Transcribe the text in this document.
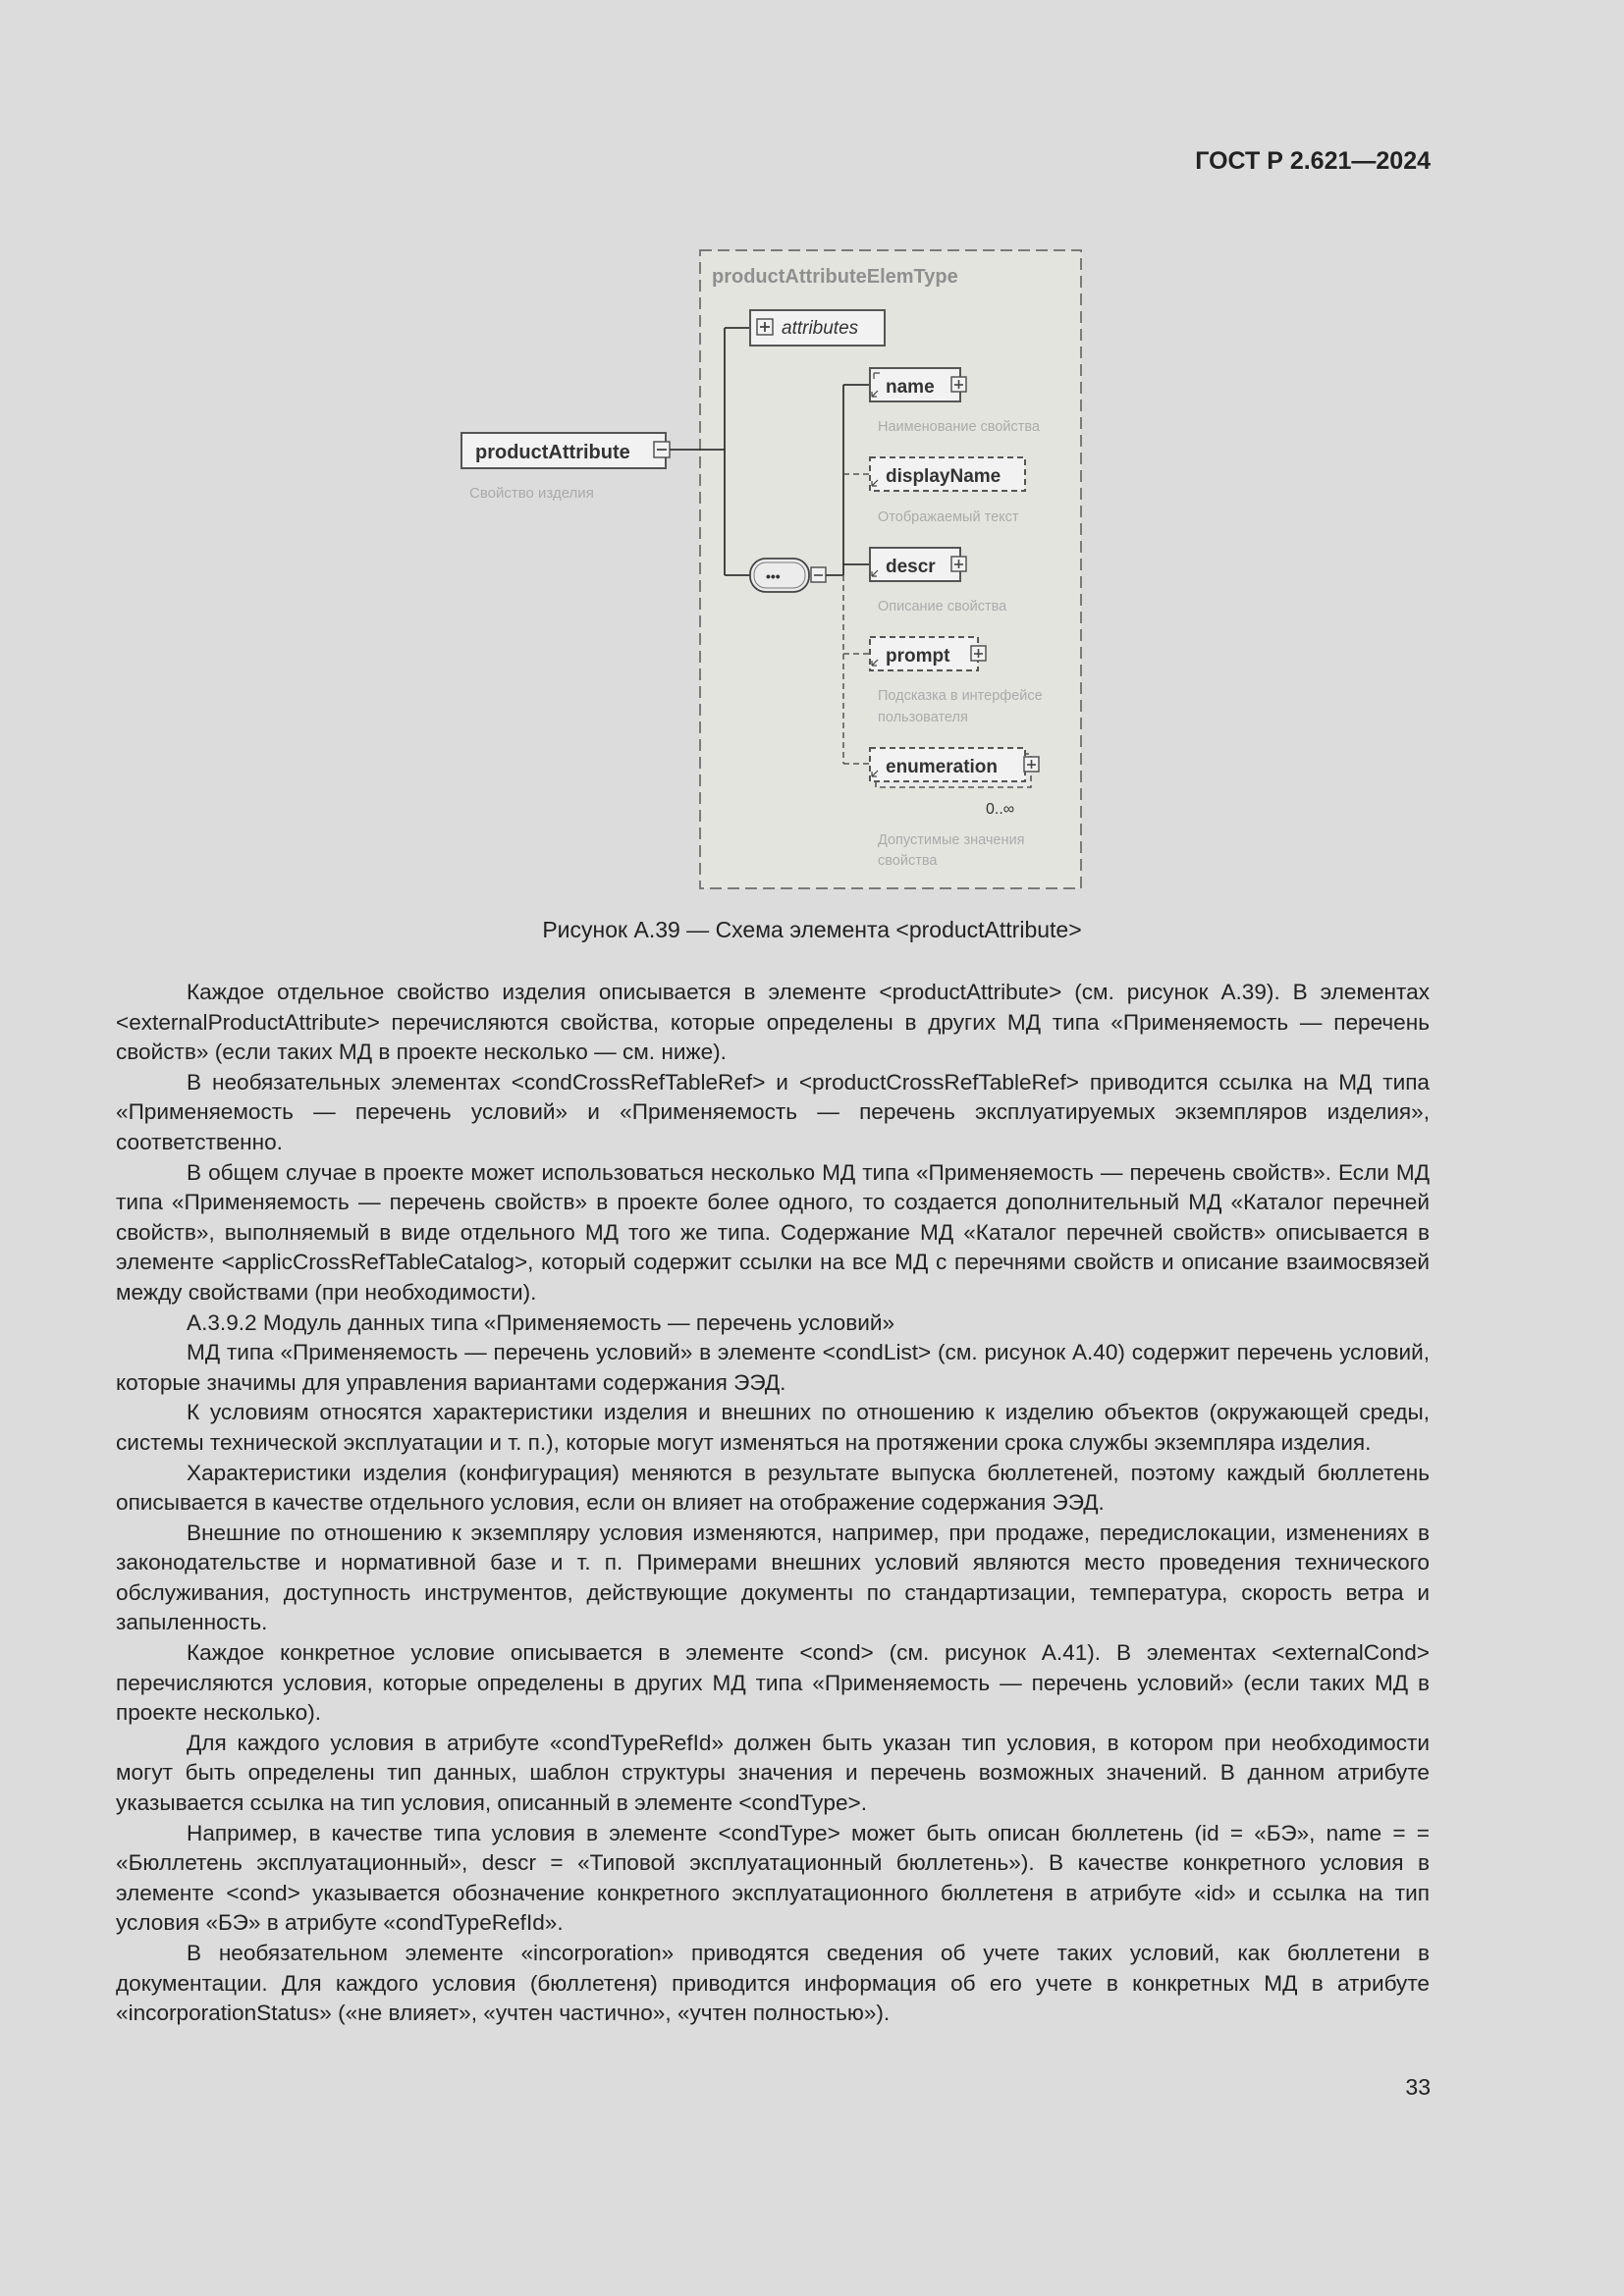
ГОСТ Р 2.621—2024
productAttributeElemType
productAttribute
Свойство изделия
attributes
•••
name
Наименование свойства
displayName
Отображаемый текст
descr
Описание свойства
prompt
Подсказка в интерфейсе
пользователя
enumeration
0..∞
Допустимые значения
свойства
Рисунок А.39 — Схема элемента <productAttribute>

Каждое отдельное свойство изделия описывается в элементе <productAttribute> (см. рисунок А.39). В элементах <externalProductAttribute> перечисляются свойства, которые определены в других МД типа «Применяемость — перечень свойств» (если таких МД в проекте несколько — см. ниже).

В необязательных элементах <condCrossRefTableRef> и <productCrossRefTableRef> приводится ссылка на МД типа «Применяемость — перечень условий» и «Применяемость — перечень эксплуатируемых экземпляров изделия», соответственно.

В общем случае в проекте может использоваться несколько МД типа «Применяемость — перечень свойств». Если МД типа «Применяемость — перечень свойств» в проекте более одного, то создается дополнительный МД «Каталог перечней свойств», выполняемый в виде отдельного МД того же типа. Содержание МД «Каталог перечней свойств» описывается в элементе <applicCrossRefTableCatalog>, который содержит ссылки на все МД с перечнями свойств и описание взаимосвязей между свойствами (при необходимости).

А.3.9.2 Модуль данных типа «Применяемость — перечень условий»

МД типа «Применяемость — перечень условий» в элементе <condList> (см. рисунок А.40) содержит перечень условий, которые значимы для управления вариантами содержания ЭЭД.

К условиям относятся характеристики изделия и внешних по отношению к изделию объектов (окружающей среды, системы технической эксплуатации и т. п.), которые могут изменяться на протяжении срока службы экземпляра изделия.

Характеристики изделия (конфигурация) меняются в результате выпуска бюллетеней, поэтому каждый бюллетень описывается в качестве отдельного условия, если он влияет на отображение содержания ЭЭД.

Внешние по отношению к экземпляру условия изменяются, например, при продаже, передислокации, изменениях в законодательстве и нормативной базе и т. п. Примерами внешних условий являются место проведения технического обслуживания, доступность инструментов, действующие документы по стандартизации, температура, скорость ветра и запыленность.

Каждое конкретное условие описывается в элементе <cond> (см. рисунок А.41). В элементах <externalCond> перечисляются условия, которые определены в других МД типа «Применяемость — перечень условий» (если таких МД в проекте несколько).

Для каждого условия в атрибуте «condTypeRefId» должен быть указан тип условия, в котором при необходимости могут быть определены тип данных, шаблон структуры значения и перечень возможных значений. В данном атрибуте указывается ссылка на тип условия, описанный в элементе <condType>.

Например, в качестве типа условия в элементе <condType> может быть описан бюллетень (id = «БЭ», name = = «Бюллетень эксплуатационный», descr = «Типовой эксплуатационный бюллетень»). В качестве конкретного условия в элементе <cond> указывается обозначение конкретного эксплуатационного бюллетеня в атрибуте «id» и ссылка на тип условия «БЭ» в атрибуте «condTypeRefId».

В необязательном элементе «incorporation» приводятся сведения об учете таких условий, как бюллетени в документации. Для каждого условия (бюллетеня) приводится информация об его учете в конкретных МД в атрибуте «incorporationStatus» («не влияет», «учтен частично», «учтен полностью»).

33
